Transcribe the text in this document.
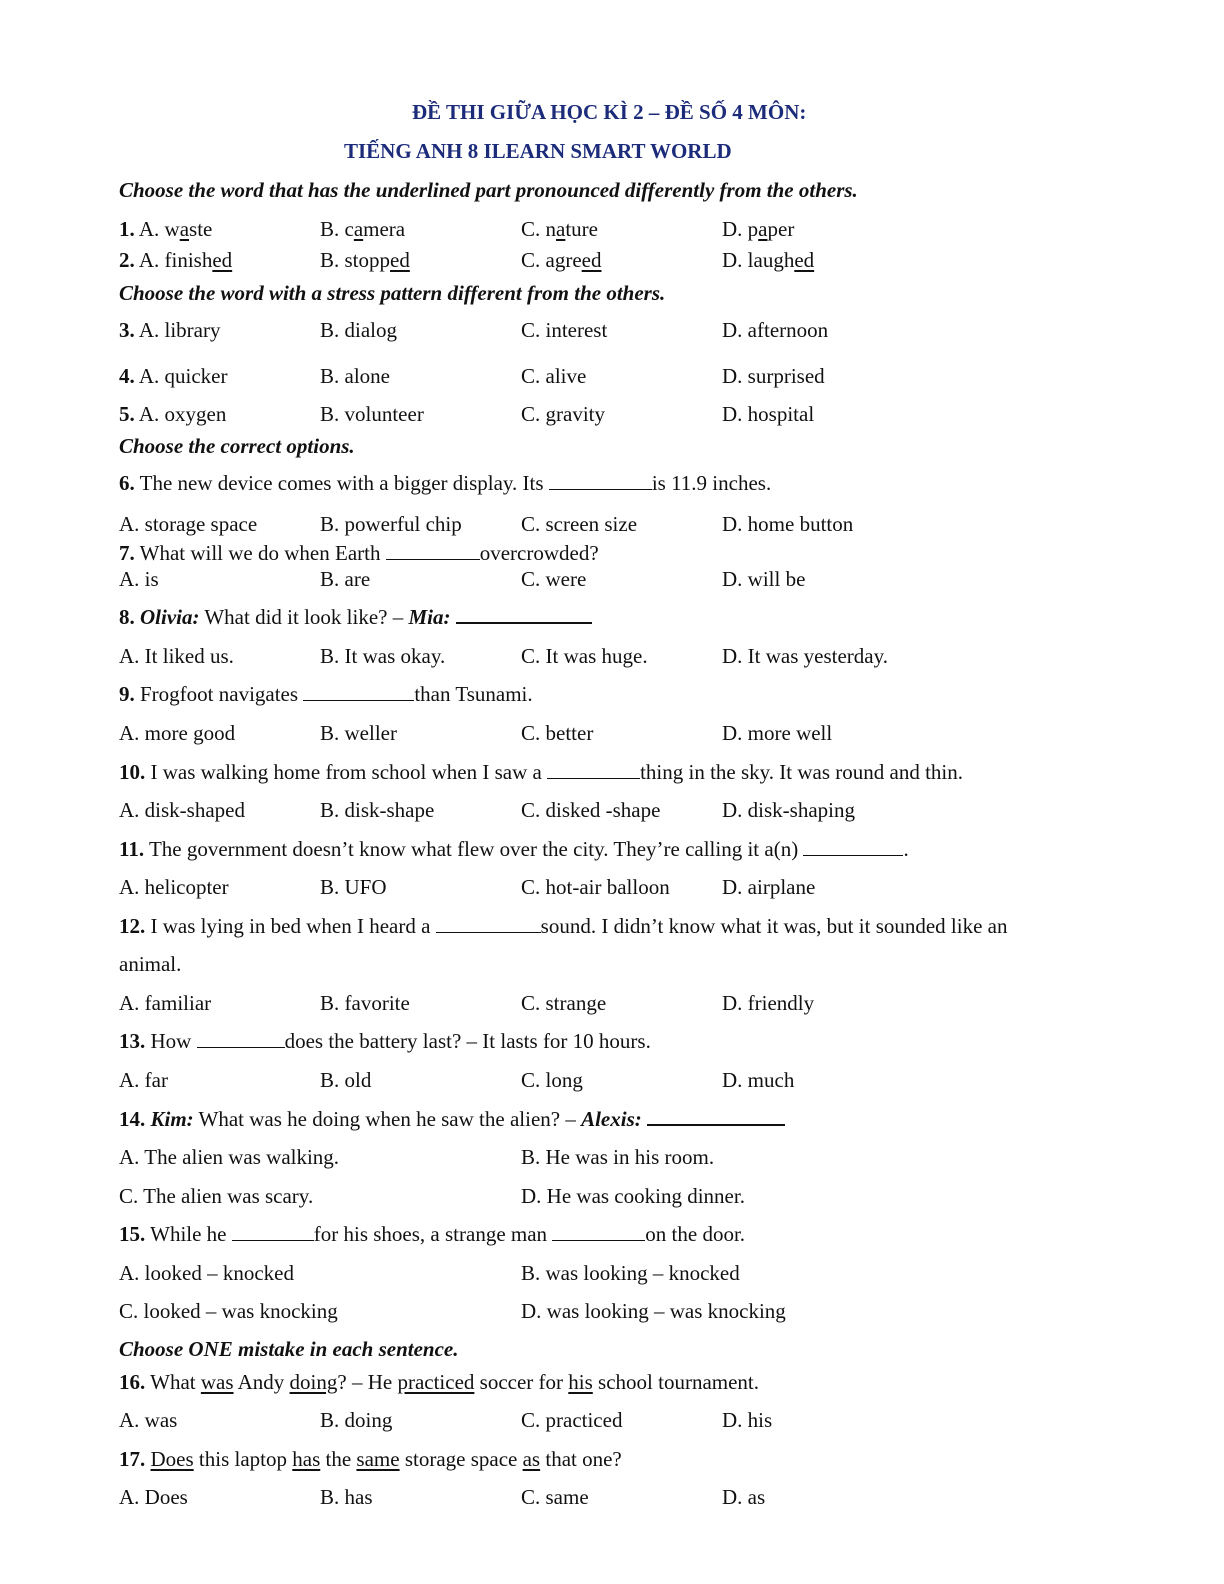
ĐỀ THI GIỮA HỌC KÌ 2 – ĐỀ SỐ 4 MÔN:
TIẾNG ANH 8 ILEARN SMART WORLD
Choose the word that has the underlined part pronounced differently from the others.
1. A. waste	B. camera	C. nature	D. paper
2. A. finished	B. stopped	C. agreed	D. laughed
Choose the word with a stress pattern different from the others.
3. A. library	B. dialog	C. interest	D. afternoon
4. A. quicker	B. alone	C. alive	D. surprised
5. A. oxygen	B. volunteer	C. gravity	D. hospital
Choose the correct options.
6. The new device comes with a bigger display. Its	is 11.9 inches.
A. storage space	B. powerful chip	C. screen size	D. home button
7. What will we do when Earth	overcrowded?
A. is	B. are	C. were	D. will be
8. Olivia: What did it look like? – Mia:
A. It liked us.	B. It was okay.	C. It was huge.	D. It was yesterday.
9. Frogfoot navigates	than Tsunami.
A. more good	B. weller	C. better	D. more well
10. I was walking home from school when I saw a	thing in the sky. It was round and thin.
A. disk-shaped	B. disk-shape	C. disked -shape	D. disk-shaping
11. The government doesn’t know what flew over the city. They’re calling it a(n)	.
A. helicopter	B. UFO	C. hot-air balloon D. airplane
12. I was lying in bed when I heard a	sound. I didn’t know what it was, but it sounded like an
animal.
A. familiar	B. favorite	C. strange	D. friendly
13. How	does the battery last? – It lasts for 10 hours.
A. far	B. old	C. long	D. much
14. Kim: What was he doing when he saw the alien? – Alexis:
A. The alien was walking.	B. He was in his room.
C. The alien was scary.	D. He was cooking dinner.
15. While he	for his shoes, a strange man	on the door.
A. looked – knocked	B. was looking – knocked
C. looked – was knocking	D. was looking – was knocking
Choose ONE mistake in each sentence.
16. What was Andy doing? – He practiced soccer for his school tournament.
A. was	B. doing	C. practiced	D. his
17. Does this laptop has the same storage space as that one?
A. Does	B. has	C. same	D. as
